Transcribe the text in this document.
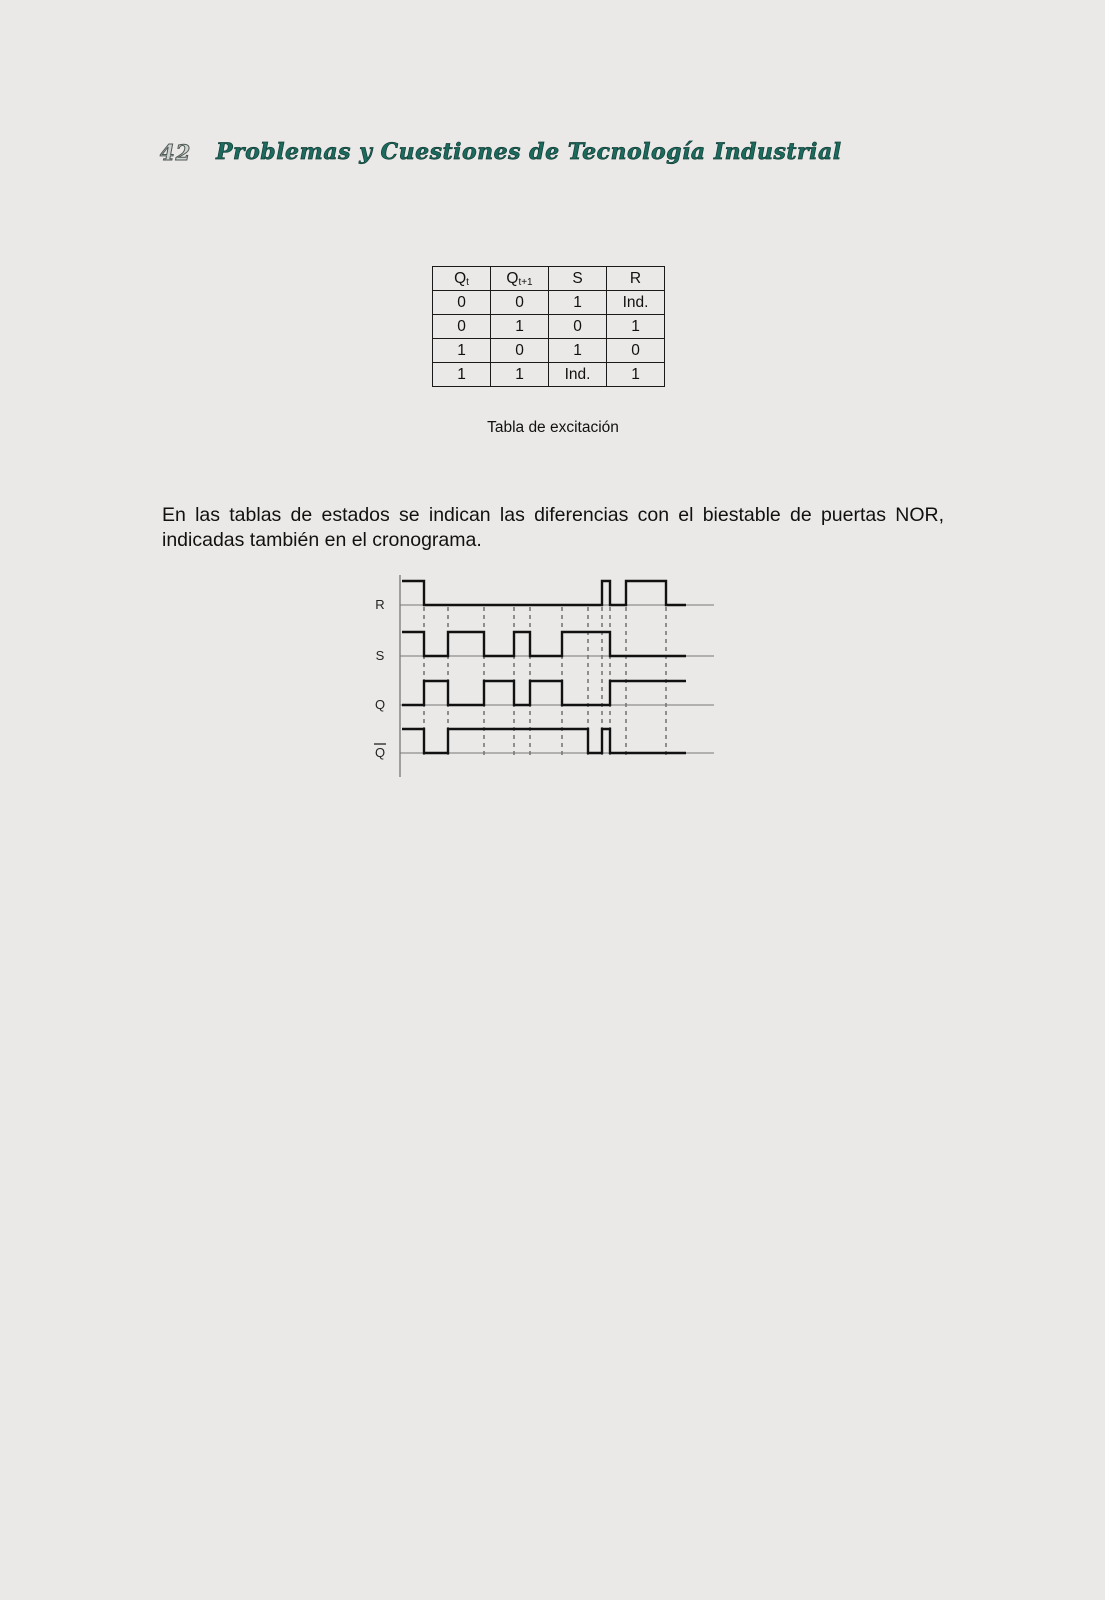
42	Problemas y Cuestiones de Tecnología Industrial
$Q_t$	$Q_{t+1}$	S	R
0	0	1	Ind.
0	1	0	1
1	0	1	0
1	1	Ind.	1
Tabla de excitación

En las tablas de estados se indican las diferencias con el biestable de puertas NOR, indicadas también en el cronograma.

R
S
Q
Q
